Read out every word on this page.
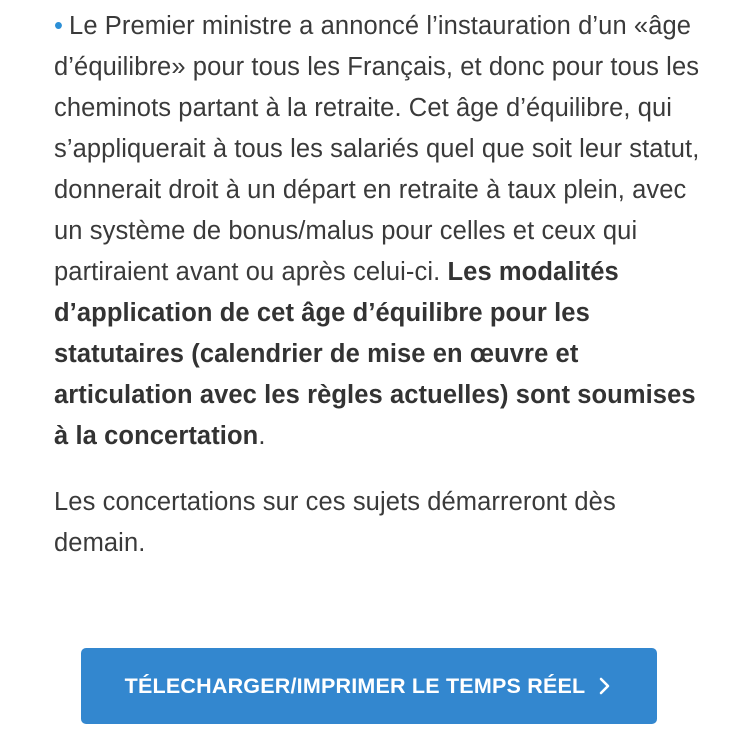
• Le Premier ministre a annoncé l’instauration d’un «âge d’équilibre» pour tous les Français, et donc pour tous les cheminots partant à la retraite. Cet âge d’équilibre, qui s’appliquerait à tous les salariés quel que soit leur statut, donnerait droit à un départ en retraite à taux plein, avec un système de bonus/malus pour celles et ceux qui partiraient avant ou après celui-ci. Les modalités d’application de cet âge d’équilibre pour les statutaires (calendrier de mise en œuvre et articulation avec les règles actuelles) sont soumises à la concertation.

Les concertations sur ces sujets démarreront dès demain.

TÉLECHARGER/IMPRIMER LE TEMPS RÉEL
